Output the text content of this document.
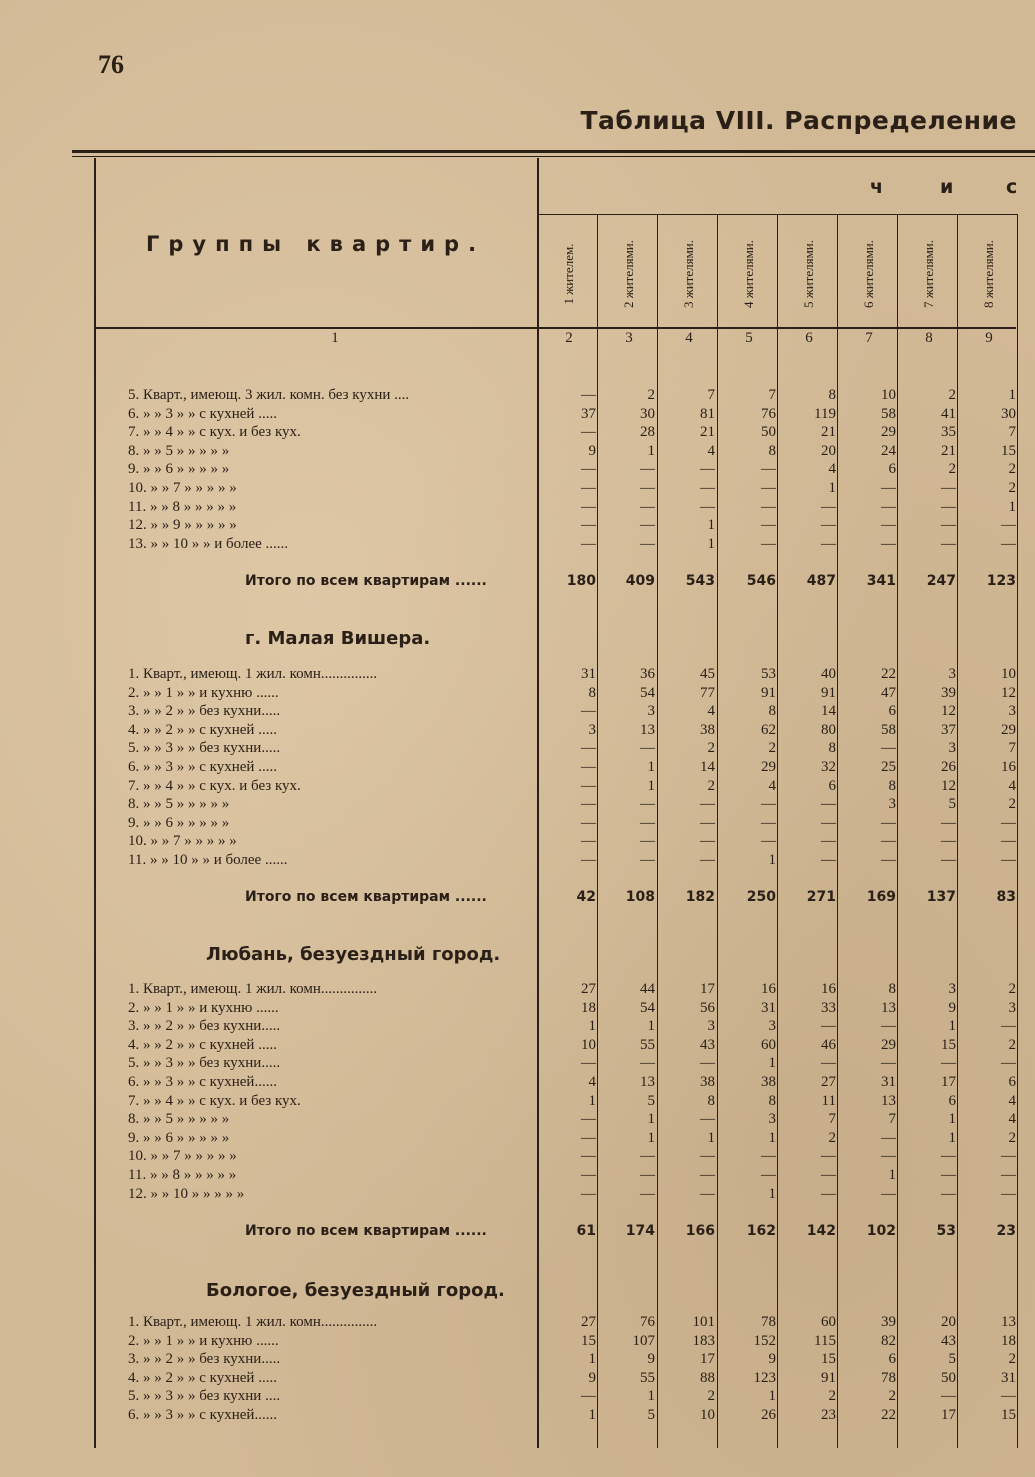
76
Таблица VIII. Распределение
Группы квартир.
ч	и	с
1 жителем.	2 жителями.	3 жителями.	4 жителями.	5 жителями.	6 жителями.	7 жителями.	8 жителями.
1	2	3	4	5	6	7	8	9
5. Кварт., имеющ. 3 жил. комн. без кухни ....	—	2	7	7	8	10	2	1
6. » » 3 » » с кухней .....	37	30	81	76	119	58	41	30
7. » » 4 » » с кух. и без кух.	—	28	21	50	21	29	35	7
8. » » 5 » » » » »	9	1	4	8	20	24	21	15
9. » » 6 » » » » »	—	—	—	—	4	6	2	2
10. » » 7 » » » » »	—	—	—	—	1	—	—	2
11. » » 8 » » » » »	—	—	—	—	—	—	—	1
12. » » 9 » » » » »	—	—	1	—	—	—	—	—
13. » » 10 » » и более ......	—	—	1	—	—	—	—	—
Итого по всем квартирам ......	180	409	543	546	487	341	247	123
г. Малая Вишера.
1. Кварт., имеющ. 1 жил. комн...............	31	36	45	53	40	22	3	10
2. » » 1 » » и кухню ......	8	54	77	91	91	47	39	12
3. » » 2 » » без кухни.....	—	3	4	8	14	6	12	3
4. » » 2 » » с кухней .....	3	13	38	62	80	58	37	29
5. » » 3 » » без кухни.....	—	—	2	2	8	—	3	7
6. » » 3 » » с кухней .....	—	1	14	29	32	25	26	16
7. » » 4 » » с кух. и без кух.	—	1	2	4	6	8	12	4
8. » » 5 » » » » »	—	—	—	—	—	3	5	2
9. » » 6 » » » » »	—	—	—	—	—	—	—	—
10. » » 7 » » » » »	—	—	—	—	—	—	—	—
11. » » 10 » » и более ......	—	—	—	1	—	—	—	—
Итого по всем квартирам ......	42	108	182	250	271	169	137	83
Любань, безуездный город.
1. Кварт., имеющ. 1 жил. комн...............	27	44	17	16	16	8	3	2
2. » » 1 » » и кухню ......	18	54	56	31	33	13	9	3
3. » » 2 » » без кухни.....	1	1	3	3	—	—	1	—
4. » » 2 » » с кухней .....	10	55	43	60	46	29	15	2
5. » » 3 » » без кухни.....	—	—	—	1	—	—	—	—
6. » » 3 » » с кухней......	4	13	38	38	27	31	17	6
7. » » 4 » » с кух. и без кух.	1	5	8	8	11	13	6	4
8. » » 5 » » » » »	—	1	—	3	7	7	1	4
9. » » 6 » » » » »	—	1	1	1	2	—	1	2
10. » » 7 » » » » »	—	—	—	—	—	—	—	—
11. » » 8 » » » » »	—	—	—	—	—	1	—	—
12. » » 10 » » » » »	—	—	—	1	—	—	—	—
Итого по всем квартирам ......	61	174	166	162	142	102	53	23
Бологое, безуездный город.
1. Кварт., имеющ. 1 жил. комн...............	27	76	101	78	60	39	20	13
2. » » 1 » » и кухню ......	15	107	183	152	115	82	43	18
3. » » 2 » » без кухни.....	1	9	17	9	15	6	5	2
4. » » 2 » » с кухней .....	9	55	88	123	91	78	50	31
5. » » 3 » » без кухни ....	—	1	2	1	2	2	—	—
6. » » 3 » » с кухней......	1	5	10	26	23	22	17	15
